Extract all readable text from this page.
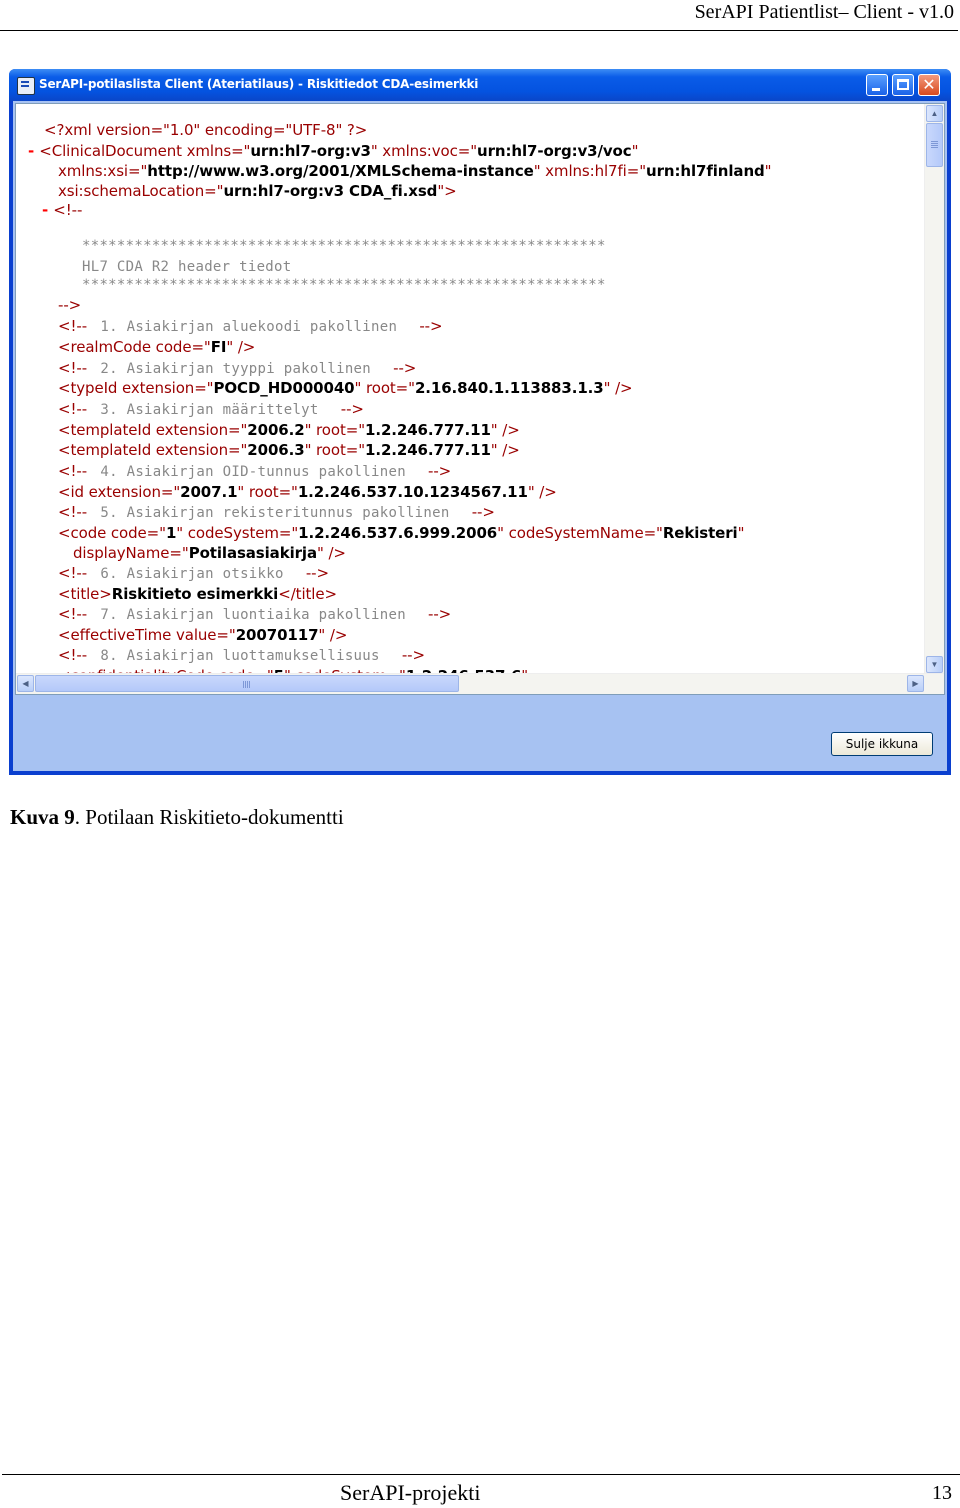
SerAPI Patientlist– Client - v1.0
SerAPI-potilaslista Client (Ateriatilaus) - Riskitiedot CDA-esimerkki	✕
<?xml version="1.0" encoding="UTF-8" ?>
- <ClinicalDocument xmlns="urn:hl7-org:v3" xmlns:voc="urn:hl7-org:v3/voc"
xmlns:xsi="http://www.w3.org/2001/XMLSchema-instance" xmlns:hl7fi="urn:hl7finland"
xsi:schemaLocation="urn:hl7-org:v3 CDA_fi.xsd">
- <!--
************************************************************
HL7 CDA R2 header tiedot
************************************************************
-->
<!--  1. Asiakirjan aluekoodi pakollinen   -->
<realmCode code="FI" />
<!--  2. Asiakirjan tyyppi pakollinen   -->
<typeId extension="POCD_HD000040" root="2.16.840.1.113883.1.3" />
<!--  3. Asiakirjan määrittelyt   -->
<templateId extension="2006.2" root="1.2.246.777.11" />
<templateId extension="2006.3" root="1.2.246.777.11" />
<!--  4. Asiakirjan OID-tunnus pakollinen   -->
<id extension="2007.1" root="1.2.246.537.10.1234567.11" />
<!--  5. Asiakirjan rekisteritunnus pakollinen   -->
<code code="1" codeSystem="1.2.246.537.6.999.2006" codeSystemName="Rekisteri"
displayName="Potilasasiakirja" />
<!--  6. Asiakirjan otsikko   -->
<title>Riskitieto esimerkki</title>
<!--  7. Asiakirjan luontiaika pakollinen   -->
<effectiveTime value="20070117" />
<!--  8. Asiakirjan luottamuksellisuus   -->
▲
▼
◀	▶
Sulje ikkuna
Kuva 9. Potilaan Riskitieto-dokumentti
SerAPI-projekti	13
